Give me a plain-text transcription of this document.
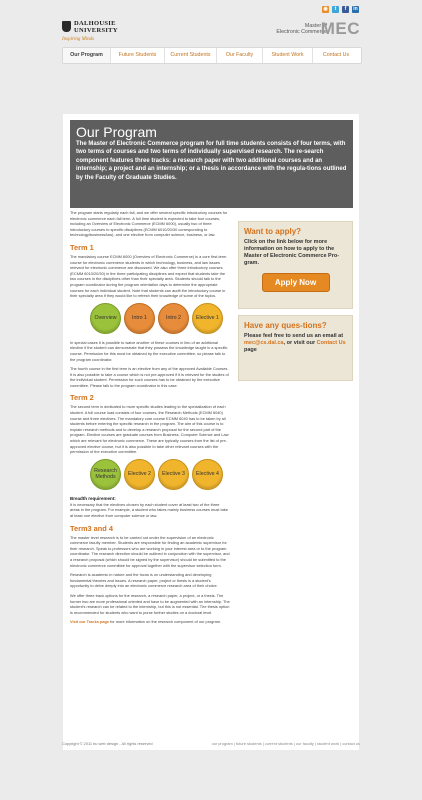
DALHOUSIE UNIVERSITY
Inspiring Minds
◉	t	f	in
Master of
Electronic Commerce
MEC
Our Program	Future Students	Current Students	Our Faculty	Student Work	Contact Us
Our Program
The Master of Electronic Commerce program for full time students consists of four terms, with two terms of courses and two terms of individually supervised research. The re-search component features three tracks: a research paper with two additional courses and an internship; a project and an internship; or a thesis in accordance with the regula-tions outlined by the Faculty of Graduate Studies.

The program starts regularly each fall, and we offer several specific introductory courses for electronic commerce each fall term. A full time student is expected to take four courses, including an Overview of Electronic Commerce (ECMM 6000), usually two of three introductory courses to specific disciplines (ECMM 6010/20/30 corresponding to technology/business/law), and one elective from computer science, business, or law.

Term 1

The mandatory course ECMM 6000 (Overview of Electronic Commerce) is a core first-term course for electronic commerce students in which technology, business, and law issues relevant for electronic commerce are discussed. We also offer three introductory courses (ECMM 6010/20/30) in the three participating disciplines and expect that students take the two courses in the disciplines other than their specialty area. Students should talk to the program coordinator during the program orientation days to determine the appropriate courses for each individual student. Note that students can audit the introductory course in their specialty area if they would like to refresh their knowledge of some of the topics.

Overview	Intro 1	Intro 2	Elective 1

In special cases it is possible to waive another of these courses in lieu of an additional elective if the student can demonstrate that they possess the knowledge taught in a specific course. Permission for this must be obtained by the executive committee, so please talk to the program coordinator.

The fourth course in the first term is an elective from any of the approved Available Courses. It is also possible to take a course which is not pre-approved if it is relevant for the studies of the individual student. Permission for such courses has to be obtained by the executive committee. Please talk to the program coordinator in this case.

Term 2

The second term is dedicated to more specific studies leading to the specialization of each student. A full course load consists of four courses, the Research Methods (ECMM 6040) course and three electives. The mandatory core course ECMM 6040 has to be taken by all students before entering the specific research in the program. The aim of this course is to explain research methods and to develop a research proposal for the second part of the program. Elective courses are graduate courses from Business, Computer Science and Law which are relevant for electronic commerce. These are typically courses from the list of pre-approved elective course, but it is also possible to take other relevant courses with the permission of the executive committee.

Research Methods	Elective 2	Elective 3	Elective 4
Breadth requirement:

It is necessary that the electives chosen by each student cover at least two of the three areas in the program. For example, a student who takes mainly business courses must take at least one elective from computer science or law.

Term3 and 4

The master level research is to be carried out under the supervision of an electronic commerce faculty member. Students are responsible for finding an academic supervisor for their research. Speak to professors who are working in your interest area or to the program coordinator. The research direction should be outlined in conjunction with the supervisor, and a research proposal (which should be signed by the supervisor) should be submitted to the electronic commerce committee for approval together with the supervisor selection form.

Research is academic in nature and the focus is on understanding and developing fundamental theories and issues. A research paper, project or thesis is a student's opportunity to delve deeply into an electronic commerce research area of their choice.

We offer three track options for the research, a research paper, a project, or a thesis. The former two are more professional oriented and have to be augmented with an internship. The student's research can be related to the internship, but this is not essential. The thesis option is recommended for students who want to purse further studies on a doctoral level.

Visit our Tracks page for more information on the research component of our program.

Want to apply?
Click on the link below for more information on how to apply to the Master of Electronic Commerce Pro-gram.
Apply Now
Have any ques-tions?
Please feel free to send us an email at mec@cs.dal.ca, or visit our Contact Us page
Copyright © 2011 bu web design - All rights reserved	our program | future students | current students | our faculty | student work | contact us
